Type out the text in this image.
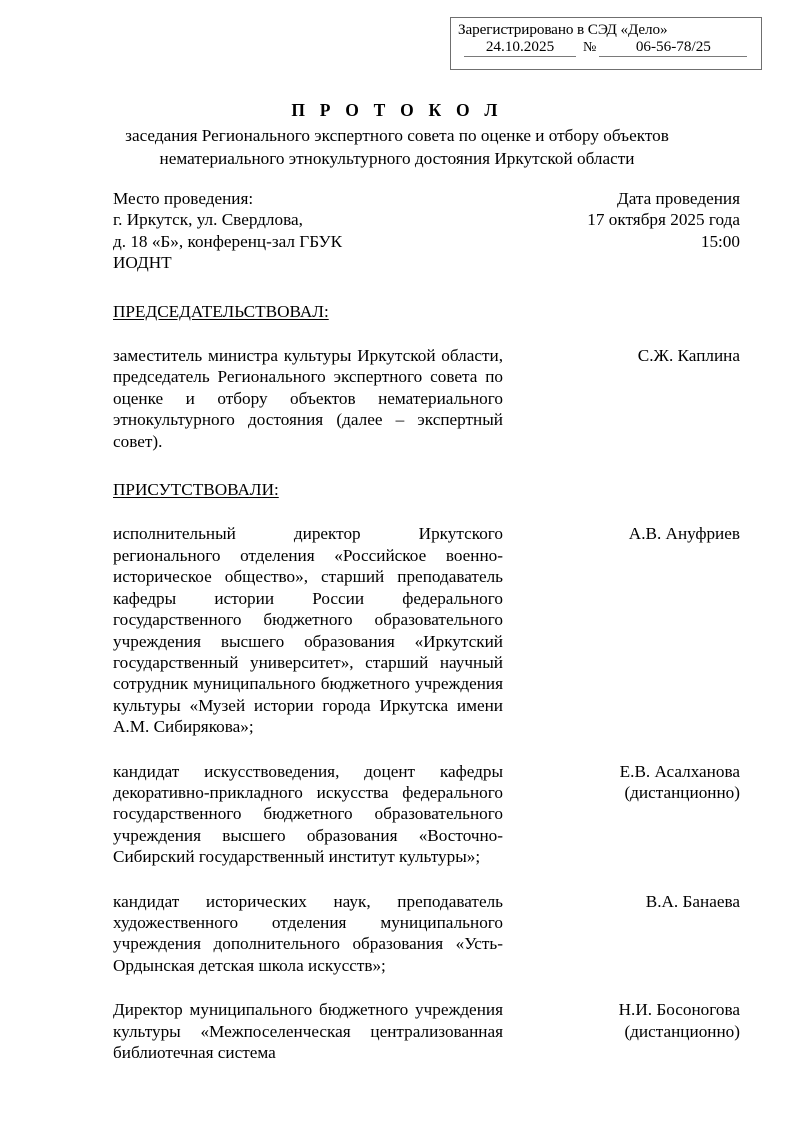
Зарегистрировано в СЭД «Дело»
24.10.2025	№	06-56-78/25
П Р О Т О К О Л
заседания Регионального экспертного совета по оценке и отбору объектов
нематериального этнокультурного достояния Иркутской области
Место проведения:
г. Иркутск, ул. Свердлова,
д. 18 «Б», конференц-зал ГБУК
ИОДНТ
Дата проведения
17 октября 2025 года
15:00
ПРЕДСЕДАТЕЛЬСТВОВАЛ:
заместитель министра культуры Иркутской области, председатель Регионального экспертного совета по оценке и отбору объектов нематериального этнокультурного достояния (далее – экспертный совет).
С.Ж. Каплина
ПРИСУТСТВОВАЛИ:
исполнительный директор Иркутского регионального отделения «Российское военно-историческое общество», старший преподаватель кафедры истории России федерального государственного бюджетного образовательного учреждения высшего образования «Иркутский государственный университет», старший научный сотрудник муниципального бюджетного учреждения культуры «Музей истории города Иркутска имени А.М. Сибирякова»;
А.В. Ануфриев
кандидат искусствоведения, доцент кафедры декоративно-прикладного искусства федерального государственного бюджетного образовательного учреждения высшего образования «Восточно-Сибирский государственный институт культуры»;
Е.В. Асалханова
(дистанционно)
кандидат исторических наук, преподаватель художественного отделения муниципального учреждения дополнительного образования «Усть-Ордынская детская школа искусств»;
В.А. Банаева
Директор муниципального бюджетного учреждения культуры «Межпоселенческая централизованная библиотечная система
Н.И. Босоногова
(дистанционно)
